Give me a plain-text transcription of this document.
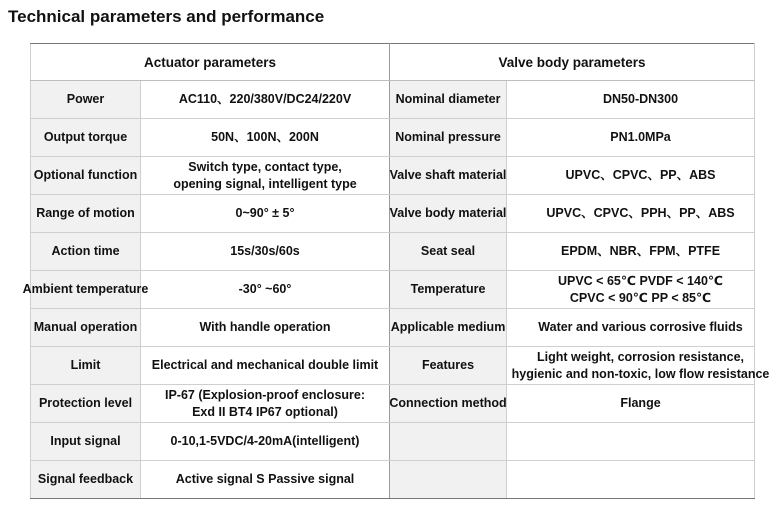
Technical parameters and performance
Actuator parameters		Valve body parameters	

Power	AC110、220/380V/DC24/220V	Nominal diameter	DN50-DN300

Output torque	50N、100N、200N	Nominal pressure	PN1.0MPa

Optional function	Switch type, contact type,
opening signal, intelligent type	Valve shaft material	UPVC、CPVC、PP、ABS

Range of motion	0~90° ± 5°	Valve body material	UPVC、CPVC、PPH、PP、ABS

Action time	15s/30s/60s	Seat seal	EPDM、NBR、FPM、PTFE

Ambient temperature	-30° ~60°	Temperature	UPVC < 65℃ PVDF < 140℃
CPVC < 90℃ PP < 85℃

Manual operation	With handle operation	Applicable medium	Water and various corrosive fluids

Limit	Electrical and mechanical double limit	Features	Light weight, corrosion resistance,
hygienic and non-toxic, low flow resistance

Protection level	IP-67 (Explosion-proof enclosure:
Exd II BT4 IP67 optional)	Connection method	Flange

Input signal	0-10,1-5VDC/4-20mA(intelligent)		

Signal feedback	Active signal S Passive signal		
